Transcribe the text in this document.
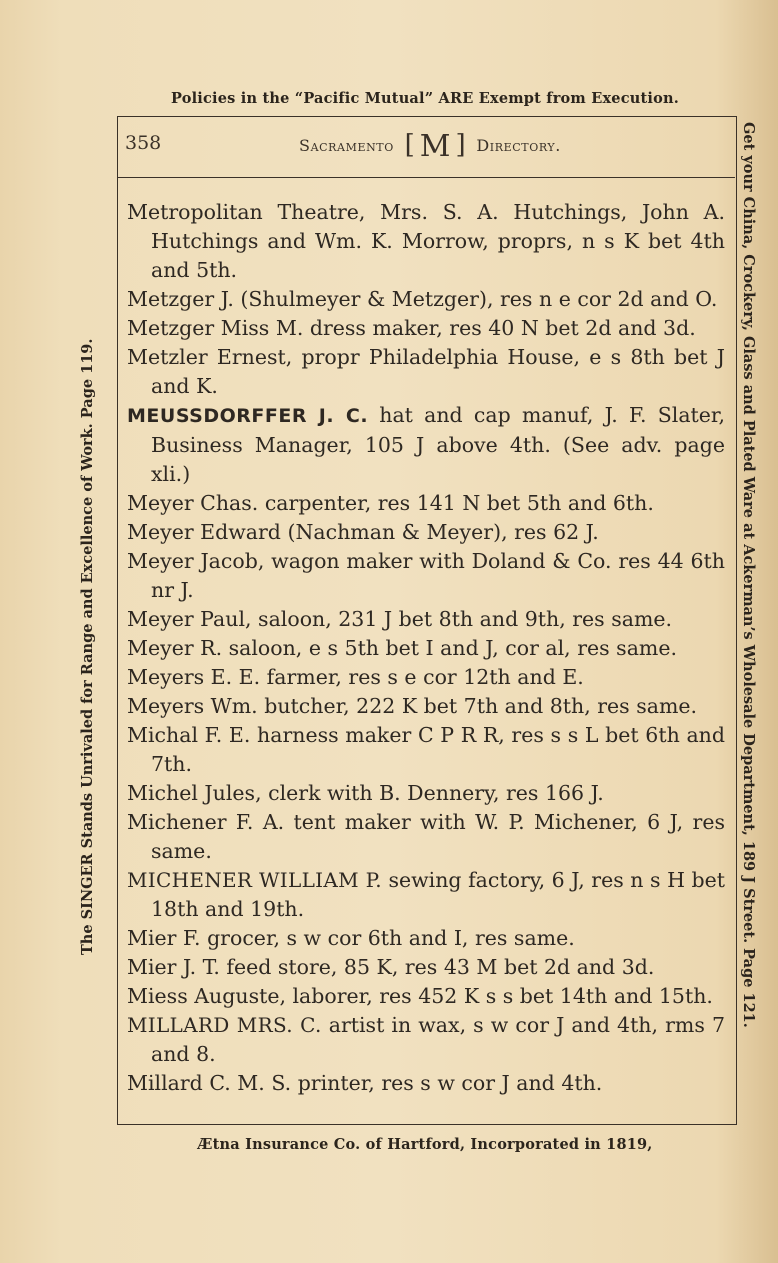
Policies in the “Pacific Mutual” ARE Exempt from Execution.
The SINGER Stands Unrivaled for Range and Excellence of Work. Page 119.	Get your China, Crockery, Glass and Plated Ware at Ackerman’s Wholesale Department, 189 J Street. Page 121.
358	Sacramento [ M ] Directory.
Metropolitan Theatre, Mrs. S. A. Hutchings, John A. Hutchings and Wm. K. Morrow, proprs, n s K bet 4th and 5th.
Metzger J. (Shulmeyer & Metzger), res n e cor 2d and O.
Metzger Miss M. dress maker, res 40 N bet 2d and 3d.
Metzler Ernest, propr Philadelphia House, e s 8th bet J and K.
MEUSSDORFFER J. C. hat and cap manuf, J. F. Slater, Business Manager, 105 J above 4th. (See adv. page xli.)
Meyer Chas. carpenter, res 141 N bet 5th and 6th.
Meyer Edward (Nachman & Meyer), res 62 J.
Meyer Jacob, wagon maker with Doland & Co. res 44 6th nr J.
Meyer Paul, saloon, 231 J bet 8th and 9th, res same.
Meyer R. saloon, e s 5th bet I and J, cor al, res same.
Meyers E. E. farmer, res s e cor 12th and E.
Meyers Wm. butcher, 222 K bet 7th and 8th, res same.
Michal F. E. harness maker C P R R, res s s L bet 6th and 7th.
Michel Jules, clerk with B. Dennery, res 166 J.
Michener F. A. tent maker with W. P. Michener, 6 J, res same.
MICHENER WILLIAM P. sewing factory, 6 J, res n s H bet 18th and 19th.
Mier F. grocer, s w cor 6th and I, res same.
Mier J. T. feed store, 85 K, res 43 M bet 2d and 3d.
Miess Auguste, laborer, res 452 K s s bet 14th and 15th.
MILLARD MRS. C. artist in wax, s w cor J and 4th, rms 7 and 8.
Millard C. M. S. printer, res s w cor J and 4th.
Ætna Insurance Co. of Hartford, Incorporated in 1819,
